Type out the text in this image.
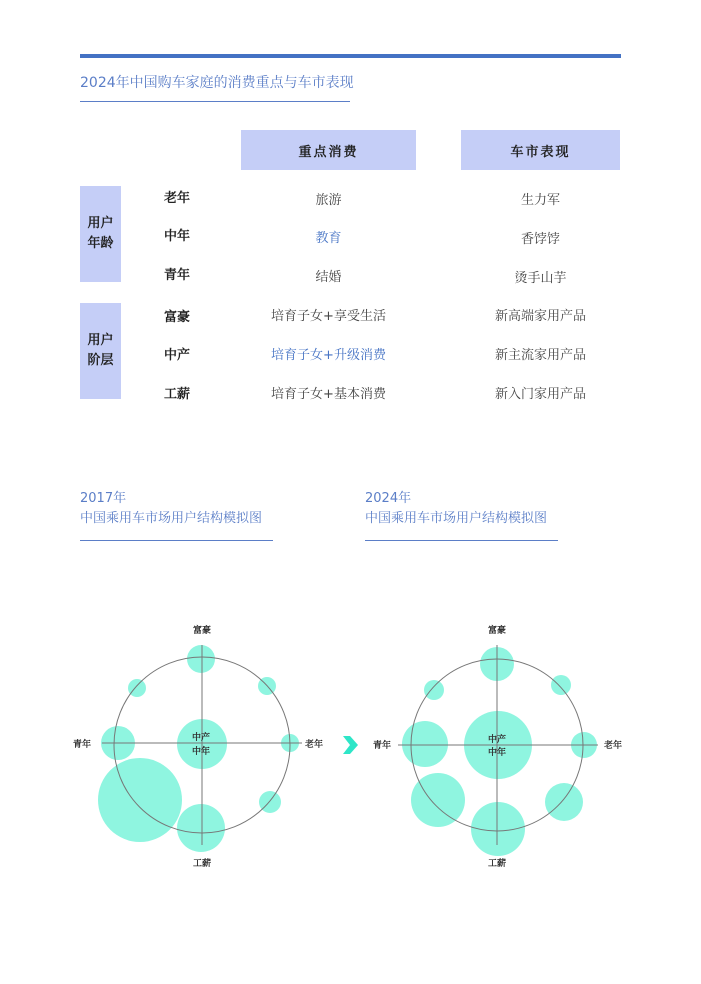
2024年中国购车家庭的消费重点与车市表现
重点消费	车市表现
用户
年龄
老年	旅游	生力军
中年	教育	香饽饽
青年	结婚	烫手山芋
用户
阶层
富豪	培育子女+享受生活	新高端家用产品
中产	培育子女+升级消费	新主流家用产品
工薪	培育子女+基本消费	新入门家用产品
2017年
中国乘用车市场用户结构模拟图
2024年
中国乘用车市场用户结构模拟图
富豪
工薪
青年	老年
中产
中年
富豪
工薪
青年	老年
中产
中年
